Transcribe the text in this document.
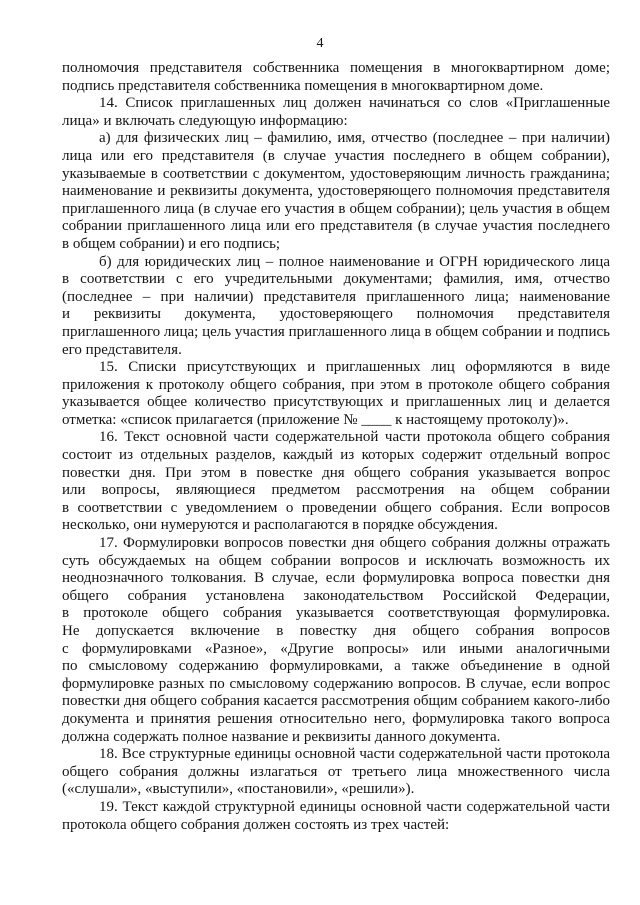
4
полномочия представителя собственника помещения в многоквартирном доме;
подпись представителя собственника помещения в многоквартирном доме.
14. Список приглашенных лиц должен начинаться со слов «Приглашенные
лица» и включать следующую информацию:
а) для физических лиц – фамилию, имя, отчество (последнее – при наличии)
лица или его представителя (в случае участия последнего в общем собрании),
указываемые в соответствии с документом, удостоверяющим личность гражданина;
наименование и реквизиты документа, удостоверяющего полномочия представителя
приглашенного лица (в случае его участия в общем собрании); цель участия в общем
собрании приглашенного лица или его представителя (в случае участия последнего
в общем собрании) и его подпись;
б) для юридических лиц – полное наименование и ОГРН юридического лица
в соответствии с его учредительными документами; фамилия, имя, отчество
(последнее – при наличии) представителя приглашенного лица; наименование
и реквизиты документа, удостоверяющего полномочия представителя
приглашенного лица; цель участия приглашенного лица в общем собрании и подпись
его представителя.
15. Списки присутствующих и приглашенных лиц оформляются в виде
приложения к протоколу общего собрания, при этом в протоколе общего собрания
указывается общее количество присутствующих и приглашенных лиц и делается
отметка: «список прилагается (приложение № ____ к настоящему протоколу)».
16. Текст основной части содержательной части протокола общего собрания
состоит из отдельных разделов, каждый из которых содержит отдельный вопрос
повестки дня. При этом в повестке дня общего собрания указывается вопрос
или вопросы, являющиеся предметом рассмотрения на общем собрании
в соответствии с уведомлением о проведении общего собрания. Если вопросов
несколько, они нумеруются и располагаются в порядке обсуждения.
17. Формулировки вопросов повестки дня общего собрания должны отражать
суть обсуждаемых на общем собрании вопросов и исключать возможность их
неоднозначного толкования. В случае, если формулировка вопроса повестки дня
общего собрания установлена законодательством Российской Федерации,
в протоколе общего собрания указывается соответствующая формулировка.
Не допускается включение в повестку дня общего собрания вопросов
с формулировками «Разное», «Другие вопросы» или иными аналогичными
по смысловому содержанию формулировками, а также объединение в одной
формулировке разных по смысловому содержанию вопросов. В случае, если вопрос
повестки дня общего собрания касается рассмотрения общим собранием какого-либо
документа и принятия решения относительно него, формулировка такого вопроса
должна содержать полное название и реквизиты данного документа.
18. Все структурные единицы основной части содержательной части протокола
общего собрания должны излагаться от третьего лица множественного числа
(«слушали», «выступили», «постановили», «решили»).
19. Текст каждой структурной единицы основной части содержательной части
протокола общего собрания должен состоять из трех частей:
